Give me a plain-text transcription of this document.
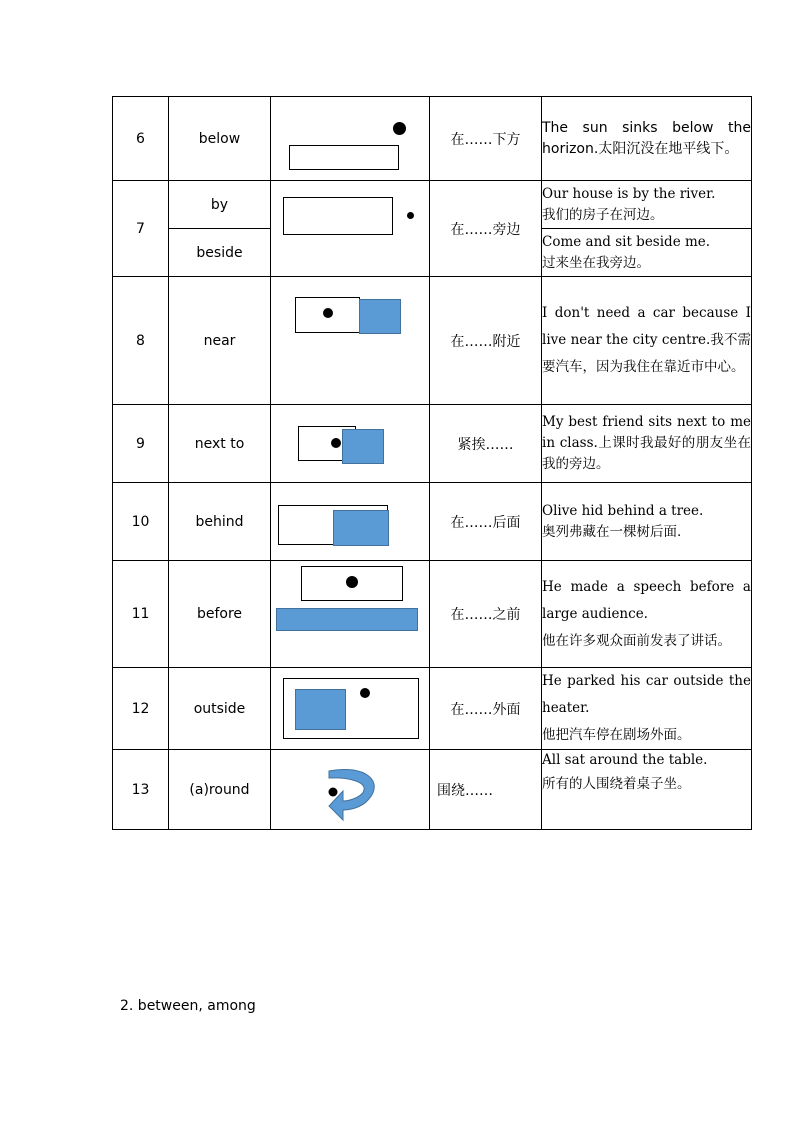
6	below		在……下方	The sun sinks below the horizon.太阳沉没在地平线下。
7	by		在……旁边	Our house is by the river.
我们的房子在河边。

	beside			Come and sit beside me.
过来坐在我旁边。

8	near		在……附近	I don't need a car because I live near the city centre.我不需要汽车，因为我住在靠近市中心。

9	next to		紧挨……	My best friend sits next to me in class.上课时我最好的朋友坐在我的旁边。
10	behind		在……后面	Olive hid behind a tree.
奥列弗藏在一棵树后面.

11	before		在……之前	He made a speech before a large audience.
他在许多观众面前发表了讲话。

12	outside		在……外面	He parked his car outside the heater.
他把汽车停在剧场外面。

13	(a)round		围绕……	All sat around the table.
所有的人围绕着桌子坐。
2. between, among
